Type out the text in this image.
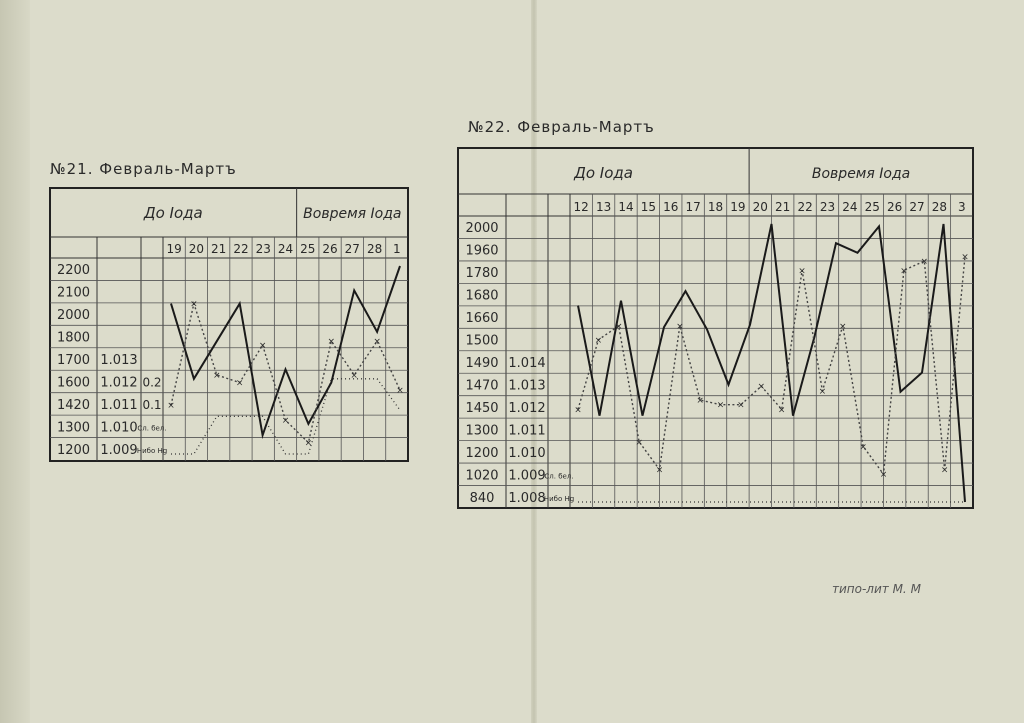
№21. Февраль-Мартъ
№22. Февраль-Мартъ
типо-лит М. М
До Іода	Вовремя Іода
19 20 21 22 23 24 25 26 27 28 1
2200
2100
2000
1800
1700 1.013
1600 1.012 0.2
1420 1.011 0.1
1300 1.010 Сл. бел.
1200 1.009 Нибо Нg
×
×
×
×
×
×
×
×
×
×
×
До Іода	Вовремя Іода
12 13 14 15 16 17 18 19 20 21 22 23 24 25 26 27 28 3
2000
1960
1780
1680
1660
1500
1490 1.014
1470 1.013
1450 1.012
1300 1.011
1200 1.010
1020 1.009
Сл. бел.
840 1.008
Нибо Нg
×
×
×
×
×
×
× × ×
×
×
×
×
×
×
×
×
×
×
×
